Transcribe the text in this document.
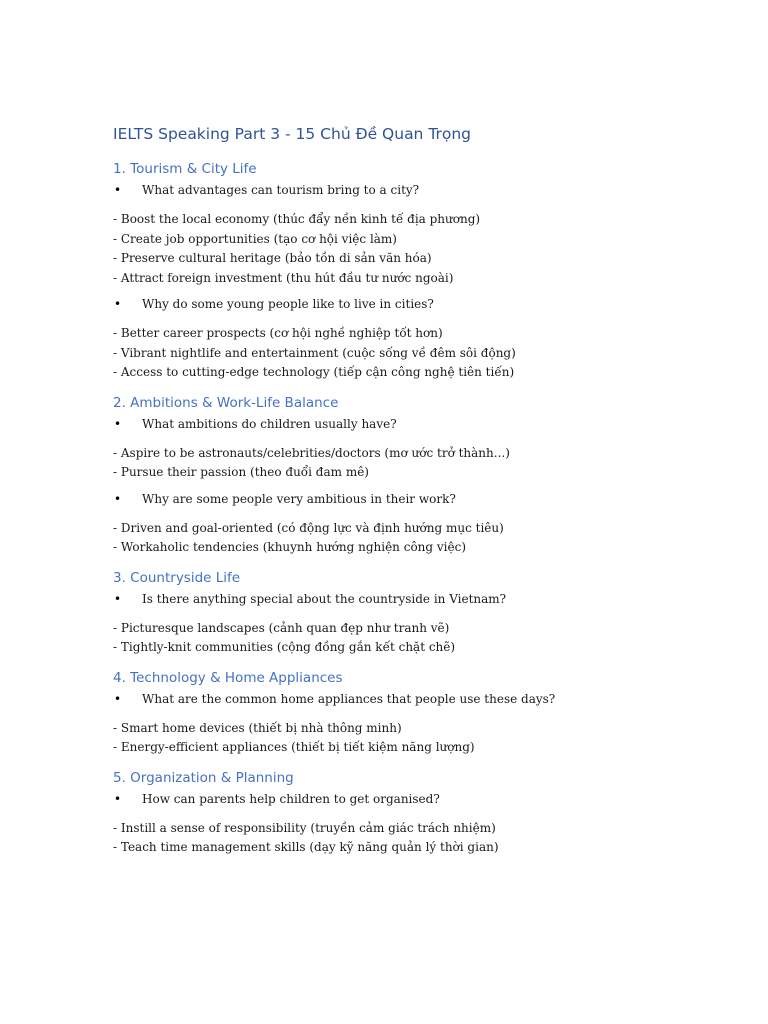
IELTS Speaking Part 3 - 15 Chủ Đề Quan Trọng
1. Tourism & City Life
• What advantages can tourism bring to a city?
- Boost the local economy (thúc đẩy nền kinh tế địa phương)
- Create job opportunities (tạo cơ hội việc làm)
- Preserve cultural heritage (bảo tồn di sản văn hóa)
- Attract foreign investment (thu hút đầu tư nước ngoài)
• Why do some young people like to live in cities?
- Better career prospects (cơ hội nghề nghiệp tốt hơn)
- Vibrant nightlife and entertainment (cuộc sống về đêm sôi động)
- Access to cutting-edge technology (tiếp cận công nghệ tiên tiến)
2. Ambitions & Work-Life Balance
• What ambitions do children usually have?
- Aspire to be astronauts/celebrities/doctors (mơ ước trở thành...)
- Pursue their passion (theo đuổi đam mê)
• Why are some people very ambitious in their work?
- Driven and goal-oriented (có động lực và định hướng mục tiêu)
- Workaholic tendencies (khuynh hướng nghiện công việc)
3. Countryside Life
• Is there anything special about the countryside in Vietnam?
- Picturesque landscapes (cảnh quan đẹp như tranh vẽ)
- Tightly-knit communities (cộng đồng gắn kết chặt chẽ)
4. Technology & Home Appliances
• What are the common home appliances that people use these days?
- Smart home devices (thiết bị nhà thông minh)
- Energy-efficient appliances (thiết bị tiết kiệm năng lượng)
5. Organization & Planning
• How can parents help children to get organised?
- Instill a sense of responsibility (truyền cảm giác trách nhiệm)
- Teach time management skills (dạy kỹ năng quản lý thời gian)
